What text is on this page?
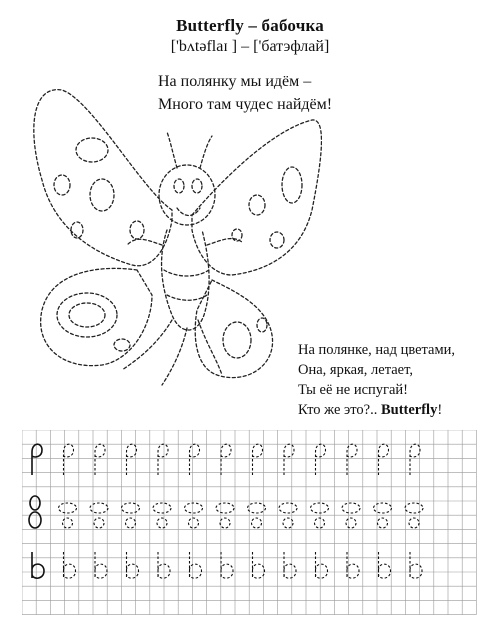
Butterfly – бабочка
['bʌtəflaɪ ] – ['батэфлай]
На полянку мы идём –
Много там чудес найдём!
На полянке, над цветами,
Она, яркая, летает,
Ты её не испугай!
Кто же это?.. Butterfly!
